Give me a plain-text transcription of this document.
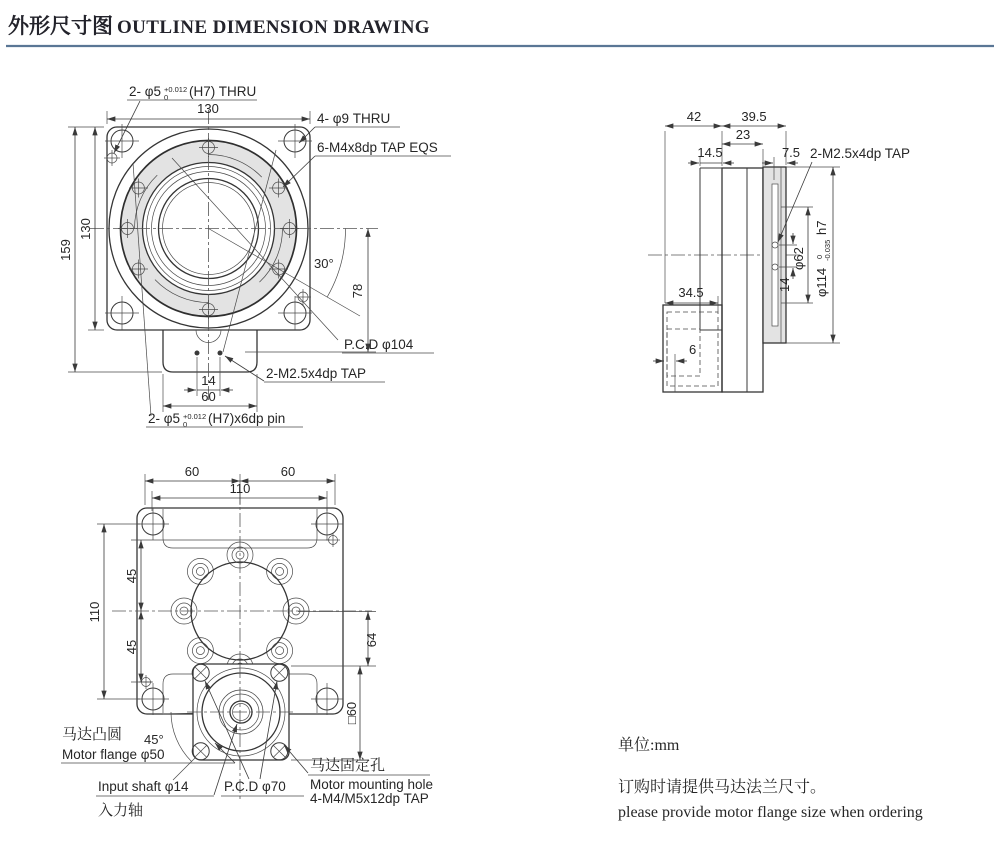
外形尺寸图 OUTLINE DIMENSION DRAWING
130
159
130
78
30°
14
60
2- φ5 +0.012
0 (H7) THRU
4- φ9 THRU
6-M4x8dp TAP EQS
P.C.D φ104
2-M2.5x4dp TAP
2- φ5 +0.012
0 (H7)x6dp pin
42	39.5
23
14.5	7.5
34.5
6
14
φ62
φ114
0 -0.035
h7
2-M2.5x4dp TAP
60	60
110
110
45
45	64
□60
45°
马达凸圆
Motor flange φ50
Input shaft φ14
入力轴
P.C.D φ70
马达固定孔
Motor mounting hole
4-M4/M5x12dp TAP
单位:mm
订购时请提供马达法兰尺寸。
please provide motor flange size when ordering
